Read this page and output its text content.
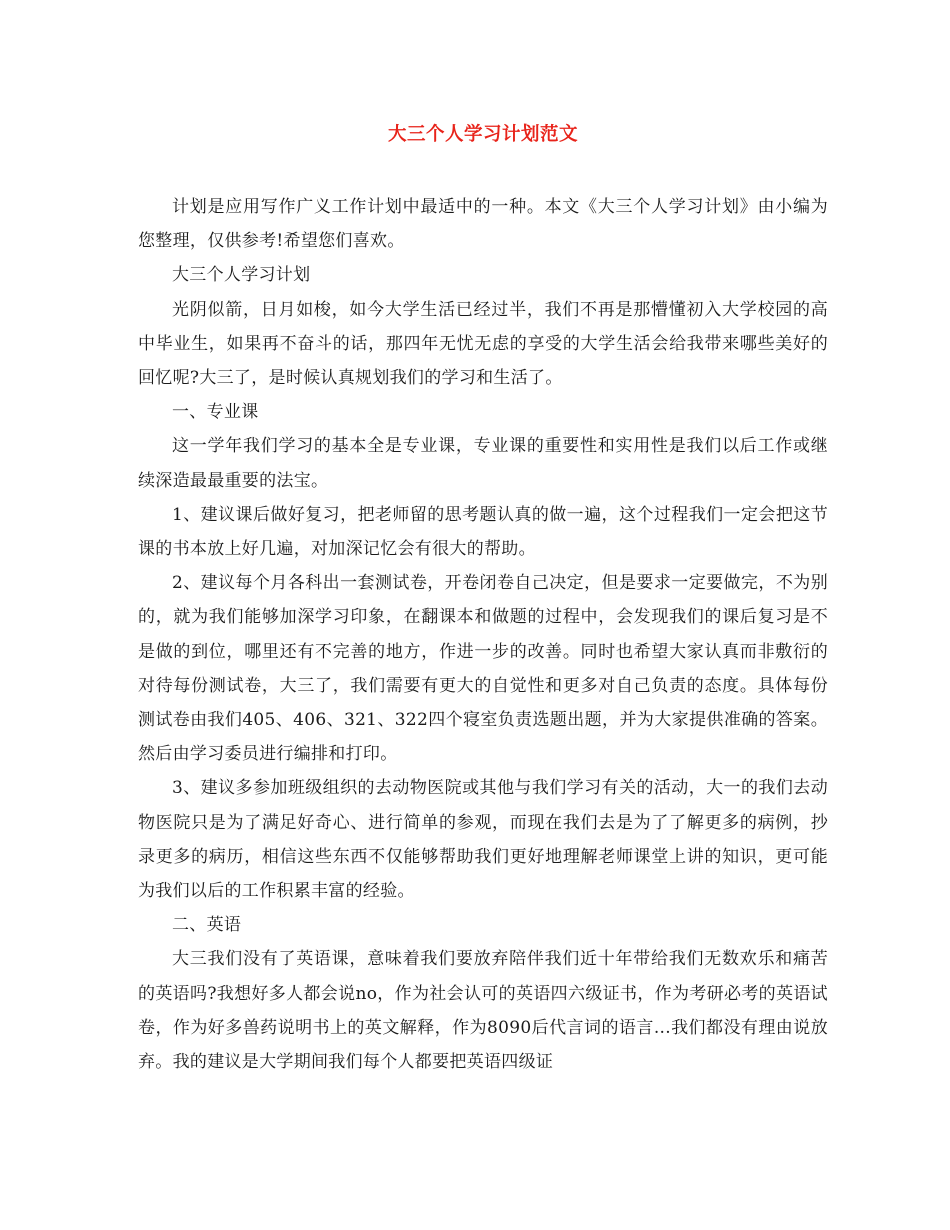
大三个人学习计划范文

计划是应用写作广义工作计划中最适中的一种。本文《大三个人学习计划》由小编为您整理，仅供参考!希望您们喜欢。

大三个人学习计划

光阴似箭，日月如梭，如今大学生活已经过半，我们不再是那懵懂初入大学校园的高中毕业生，如果再不奋斗的话，那四年无忧无虑的享受的大学生活会给我带来哪些美好的回忆呢?大三了，是时候认真规划我们的学习和生活了。

一、专业课

这一学年我们学习的基本全是专业课，专业课的重要性和实用性是我们以后工作或继续深造最最重要的法宝。

1、建议课后做好复习，把老师留的思考题认真的做一遍，这个过程我们一定会把这节课的书本放上好几遍，对加深记忆会有很大的帮助。

2、建议每个月各科出一套测试卷，开卷闭卷自己决定，但是要求一定要做完，不为别的，就为我们能够加深学习印象，在翻课本和做题的过程中，会发现我们的课后复习是不是做的到位，哪里还有不完善的地方，作进一步的改善。同时也希望大家认真而非敷衍的对待每份测试卷，大三了，我们需要有更大的自觉性和更多对自己负责的态度。具体每份测试卷由我们405、406、321、322四个寝室负责选题出题，并为大家提供准确的答案。然后由学习委员进行编排和打印。

3、建议多参加班级组织的去动物医院或其他与我们学习有关的活动，大一的我们去动物医院只是为了满足好奇心、进行简单的参观，而现在我们去是为了了解更多的病例，抄录更多的病历，相信这些东西不仅能够帮助我们更好地理解老师课堂上讲的知识，更可能为我们以后的工作积累丰富的经验。

二、英语

大三我们没有了英语课，意味着我们要放弃陪伴我们近十年带给我们无数欢乐和痛苦的英语吗?我想好多人都会说no，作为社会认可的英语四六级证书，作为考研必考的英语试卷，作为好多兽药说明书上的英文解释，作为8090后代言词的语言...我们都没有理由说放弃。我的建议是大学期间我们每个人都要把英语四级证
